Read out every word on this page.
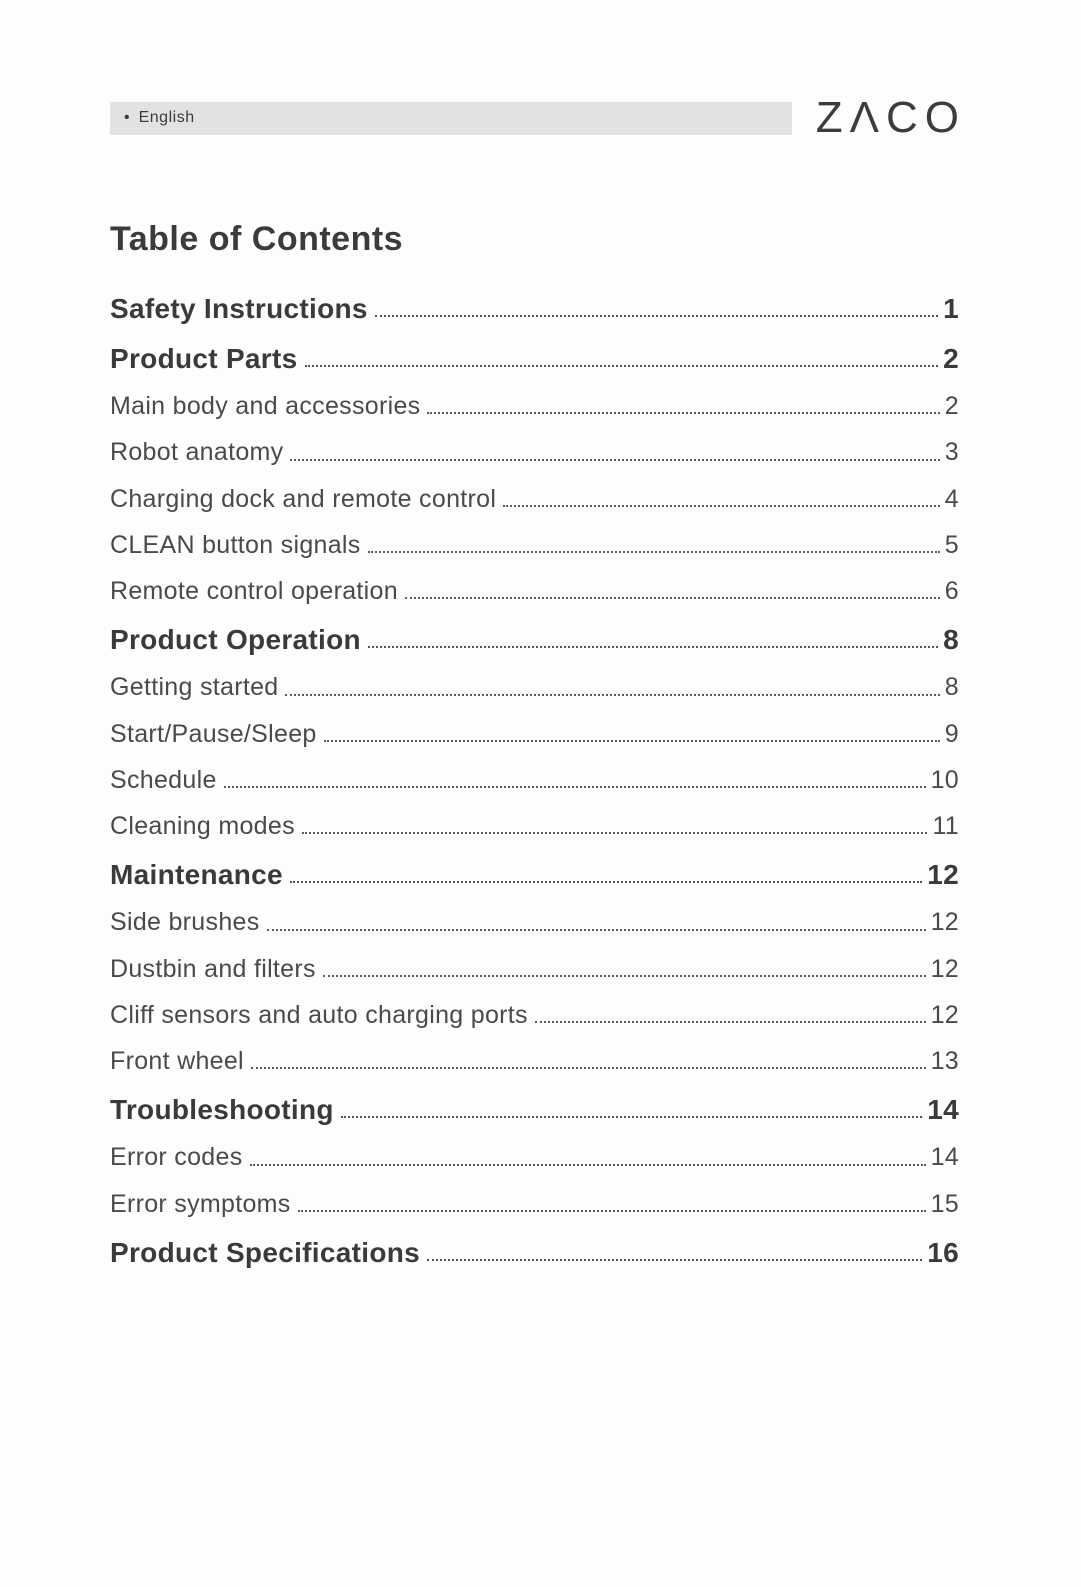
• English	ZΛCO
Table of Contents
Safety Instructions	1
Product Parts	2
Main body and accessories	2
Robot anatomy	3
Charging dock and remote control	4
CLEAN button signals	5
Remote control operation	6
Product Operation	8
Getting started	8
Start/Pause/Sleep	9
Schedule	10
Cleaning modes	11
Maintenance	12
Side brushes	12
Dustbin and filters	12
Cliff sensors and auto charging ports	12
Front wheel	13
Troubleshooting	14
Error codes	14
Error symptoms	15
Product Specifications	16
